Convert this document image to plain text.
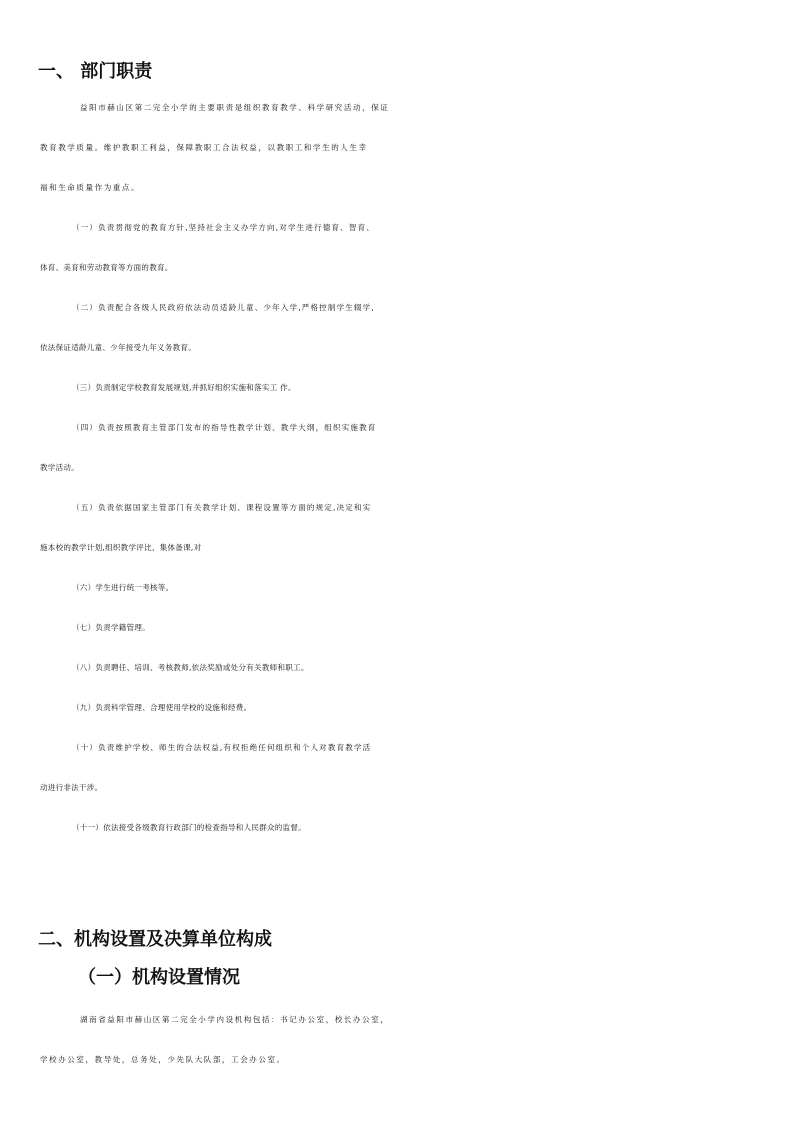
一、 部门职责

益阳市赫山区第二完全小学的主要职责是组织教育教学、科学研究活动，保证

教育教学质量。维护教职工利益，保障教职工合法权益，以教职工和学生的人生幸

福和生命质量作为重点。

（一）负责贯彻党的教育方针,坚持社会主义办学方向,对学生进行德育、智育、

体育、美育和劳动教育等方面的教育。

（二）负责配合各级人民政府依法动员适龄儿童、少年入学,严格控制学生辍学,

依法保证适龄儿童、少年接受九年义务教育。

（三）负责制定学校教育发展规划,并抓好组织实施和落实工 作。

（四）负责按照教育主管部门发布的指导性教学计划、教学大纲，组织实施教育

教学活动。

（五）负责依据国家主管部门有关教学计划、课程设置等方面的规定,决定和实

施本校的教学计划,组织教学评比、集体备课,对

（六）学生进行统一考核等。

（七）负责学籍管理。

（八）负责聘任、培训、考核教师,依法奖励或处分有关教师和职工。

（九）负责科学管理、合理使用学校的设施和经费。

（十）负责维护学校、师生的合法权益,有权拒绝任何组织和个人对教育教学活

动进行非法干涉。

（十一）依法接受各级教育行政部门的检查指导和人民群众的监督。

二、机构设置及决算单位构成

（一）机构设置情况

湖南省益阳市赫山区第二完全小学内设机构包括：书记办公室，校长办公室，

学校办公室，教导处，总务处，少先队大队部，工会办公室。
